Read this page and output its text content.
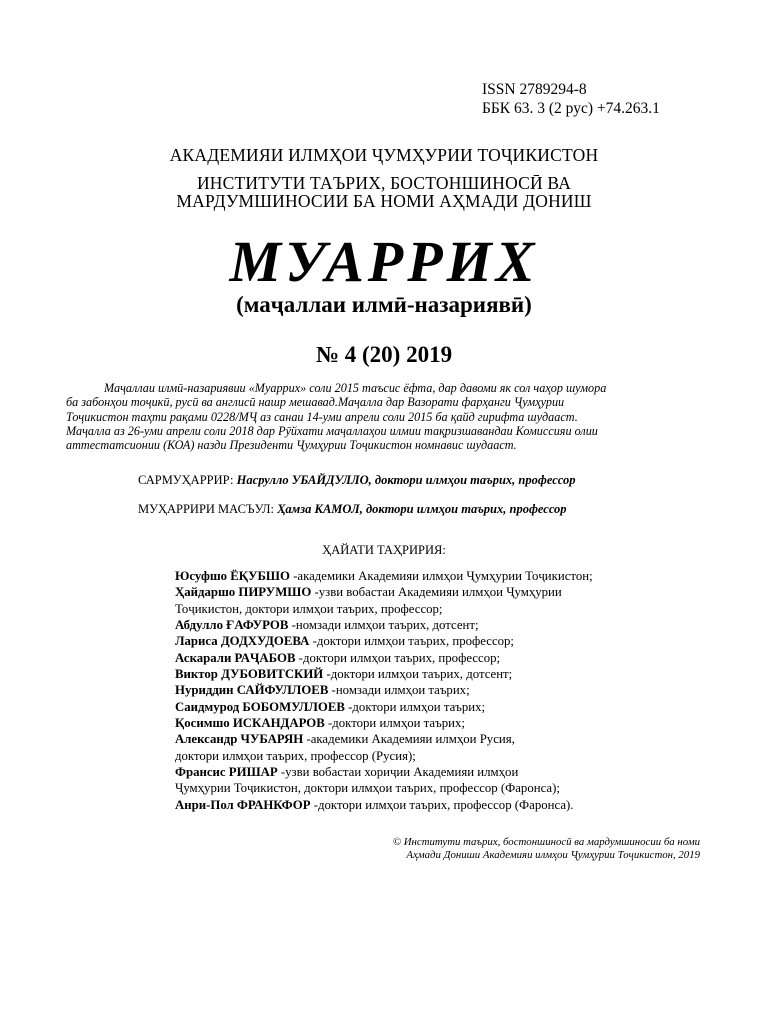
ISSN 2789294-8
ББК 63. 3 (2 рус) +74.263.1
АКАДЕМИЯИ ИЛМҲОИ ҶУМҲУРИИ ТОҶИКИСТОН
ИНСТИТУТИ ТАЪРИХ, БОСТОНШИНОСӢ ВА
МАРДУМШИНОСИИ БА НОМИ АҲМАДИ ДОНИШ
МУАРРИХ
(маҷаллаи илмӣ-назариявӣ)
№ 4 (20) 2019
Маҷаллаи илмӣ-назариявии «Муаррих» соли 2015 таъсис ёфта, дар давоми як сол чаҳор шумора
ба забонҳои тоҷикӣ, русӣ ва англисӣ нашр мешавад.Маҷалла дар Вазорати фарҳанги Ҷумҳурии
Тоҷикистон таҳти рақами 0228/МҶ аз санаи 14-уми апрели соли 2015 ба қайд гирифта шудааст.
Маҷалла аз 26-уми апрели соли 2018 дар Рӯйхати маҷаллаҳои илмии тақризшавандаи Комиссияи олии
аттестатсионии (КОА) назди Президенти Ҷумҳурии Тоҷикистон номнавис шудааст.
САРМУҲАРРИР: Насрулло УБАЙДУЛЛО, доктори илмҳои таърих, профессор
МУҲАРРИРИ МАСЪУЛ: Ҳамза КАМОЛ, доктори илмҳои таърих, профессор
ҲАЙАТИ ТАҲРИРИЯ:
Юсуфшо ЁҚУБШО -академики Академияи илмҳои Ҷумҳурии Тоҷикистон;
Ҳайдаршо ПИРУМШО -узви вобастаи Академияи илмҳои Ҷумҳурии
Тоҷикистон, доктори илмҳои таърих, профессор;
Абдулло ҒАФУРОВ -номзади илмҳои таърих, дотсент;
Лариса ДОДХУДОЕВА -доктори илмҳои таърих, профессор;
Аскарали РАҶАБОВ -доктори илмҳои таърих, профессор;
Виктор ДУБОВИТСКИЙ -доктори илмҳои таърих, дотсент;
Нуриддин САЙФУЛЛОЕВ -номзади илмҳои таърих;
Саидмурод БОБОМУЛЛОЕВ -доктори илмҳои таърих;
Қосимшо ИСКАНДАРОВ -доктори илмҳои таърих;
Александр ЧУБАРЯН -академики Академияи илмҳои Русия,
доктори илмҳои таърих, профессор (Русия);
Франсис РИШАР -узви вобастаи хориҷии Академияи илмҳои
Ҷумҳурии Тоҷикистон, доктори илмҳои таърих, профессор (Фаронса);
Анри-Пол ФРАНКФОР -доктори илмҳои таърих, профессор (Фаронса).
© Институти таърих, бостоншиносӣ ва мардумшиносии ба номи
Аҳмади Дониши Академияи илмҳои Ҷумҳурии Тоҷикистон, 2019
